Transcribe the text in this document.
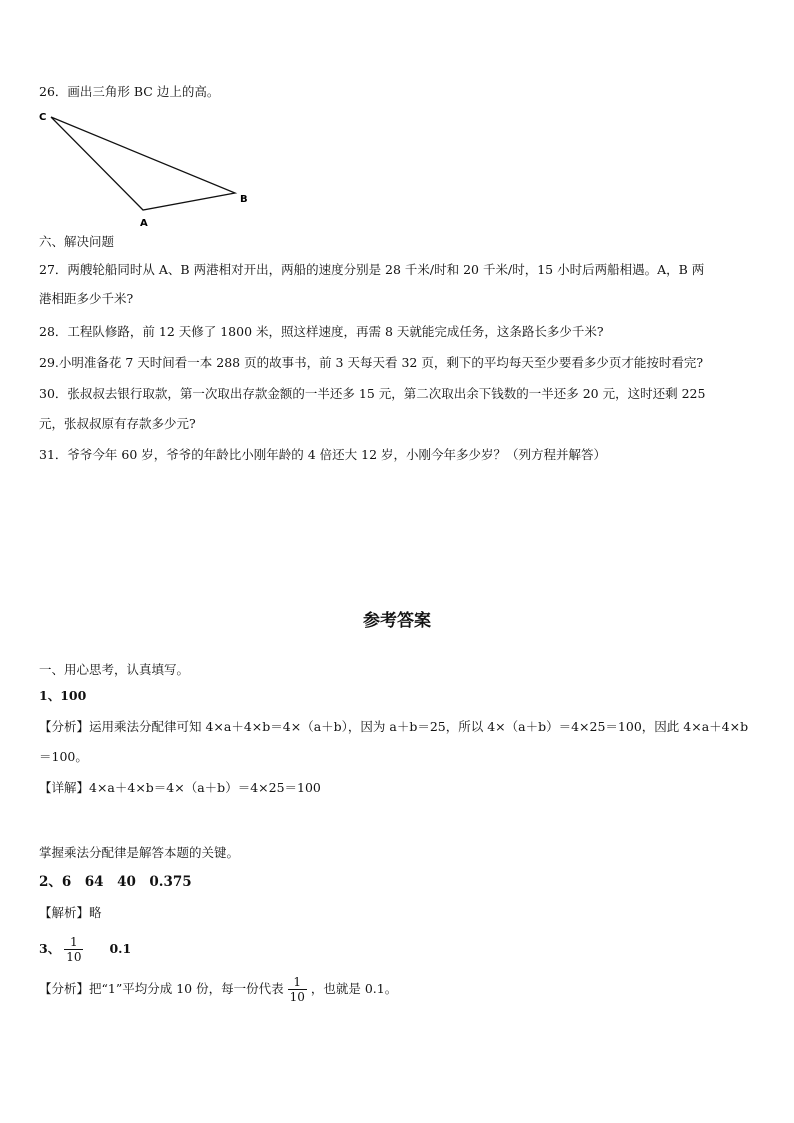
26．画出三角形 BC 边上的高。
C
A
B
六、解决问题
27．两艘轮船同时从 A、B 两港相对开出，两船的速度分别是 28 千米/时和 20 千米/时，15 小时后两船相遇。A，B 两
港相距多少千米?
28．工程队修路，前 12 天修了 1800 米，照这样速度，再需 8 天就能完成任务，这条路长多少千米?
29.小明准备花 7 天时间看一本 288 页的故事书，前 3 天每天看 32 页，剩下的平均每天至少要看多少页才能按时看完?
30．张叔叔去银行取款，第一次取出存款金额的一半还多 15 元，第二次取出余下钱数的一半还多 20 元，这时还剩 225
元，张叔叔原有存款多少元?
31．爷爷今年 60 岁，爷爷的年龄比小刚年龄的 4 倍还大 12 岁，小刚今年多少岁？（列方程并解答）
参考答案
一、用心思考，认真填写。
1、100
【分析】运用乘法分配律可知 4×a＋4×b＝4×（a＋b），因为 a＋b＝25，所以 4×（a＋b）＝4×25＝100，因此 4×a＋4×b
＝100。
【详解】4×a＋4×b＝4×（a＋b）＝4×25＝100
掌握乘法分配律是解答本题的关键。
2、6　64　40　0.375
【解析】略
3、 $\frac{1}{10} 0.1$
【分析】把“1”平均分成 10 份，每一份代表 $\frac{1}{10}$ ，也就是 0.1。
